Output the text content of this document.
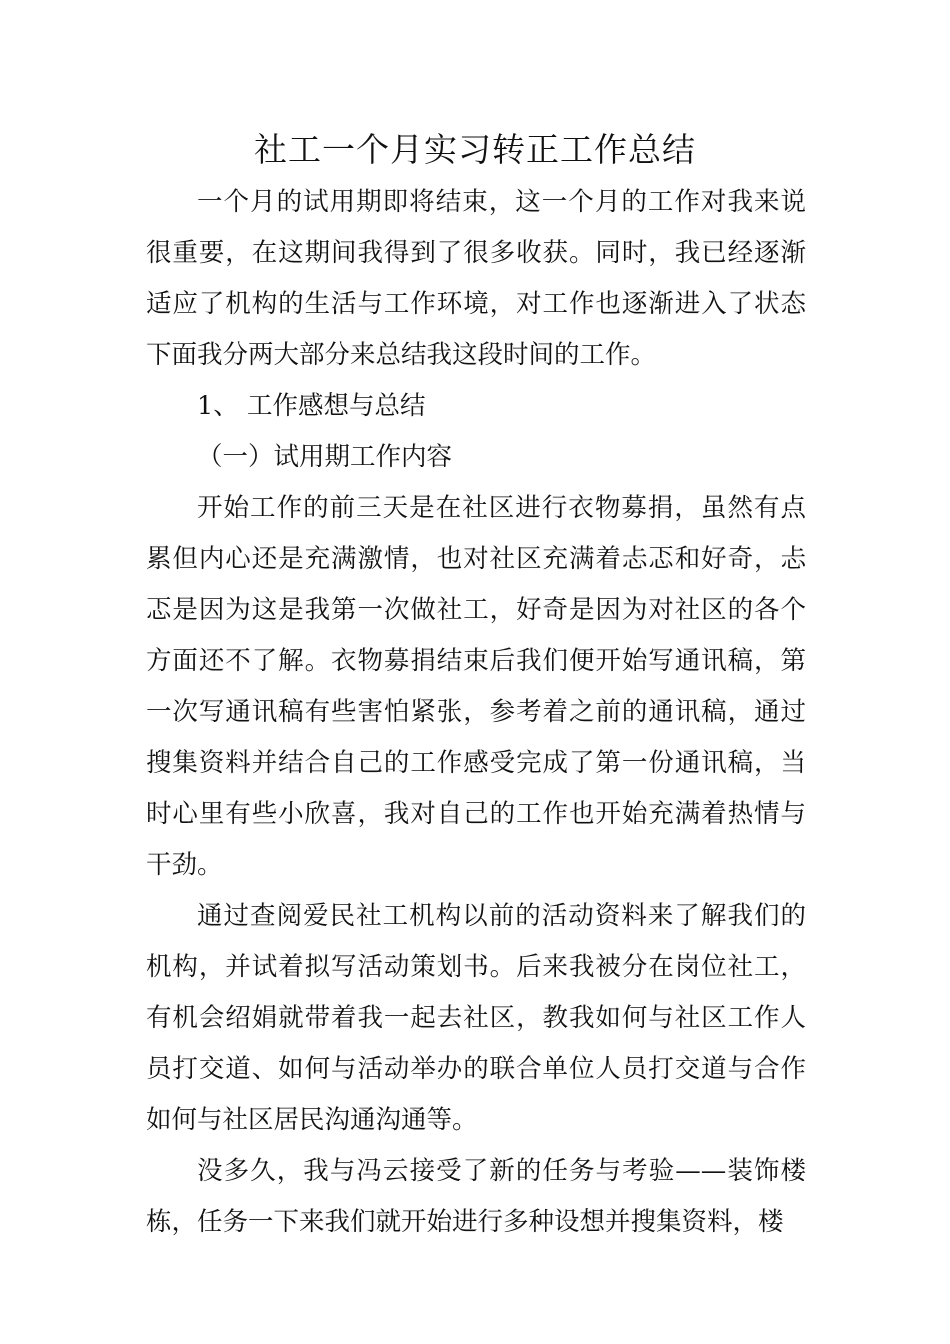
社工一个月实习转正工作总结

一个月的试用期即将结束，这一个月的工作对我来说很重要，在这期间我得到了很多收获。同时，我已经逐渐适应了机构的生活与工作环境，对工作也逐渐进入了状态下面我分两大部分来总结我这段时间的工作。

1、 工作感想与总结

（一）试用期工作内容

开始工作的前三天是在社区进行衣物募捐，虽然有点累但内心还是充满激情，也对社区充满着忐忑和好奇，忐忑是因为这是我第一次做社工，好奇是因为对社区的各个方面还不了解。衣物募捐结束后我们便开始写通讯稿，第一次写通讯稿有些害怕紧张，参考着之前的通讯稿，通过搜集资料并结合自己的工作感受完成了第一份通讯稿，当时心里有些小欣喜，我对自己的工作也开始充满着热情与干劲。

通过查阅爱民社工机构以前的活动资料来了解我们的机构，并试着拟写活动策划书。后来我被分在岗位社工，有机会绍娟就带着我一起去社区，教我如何与社区工作人员打交道、如何与活动举办的联合单位人员打交道与合作如何与社区居民沟通沟通等。

没多久，我与冯云接受了新的任务与考验——装饰楼栋，任务一下来我们就开始进行多种设想并搜集资料，楼
